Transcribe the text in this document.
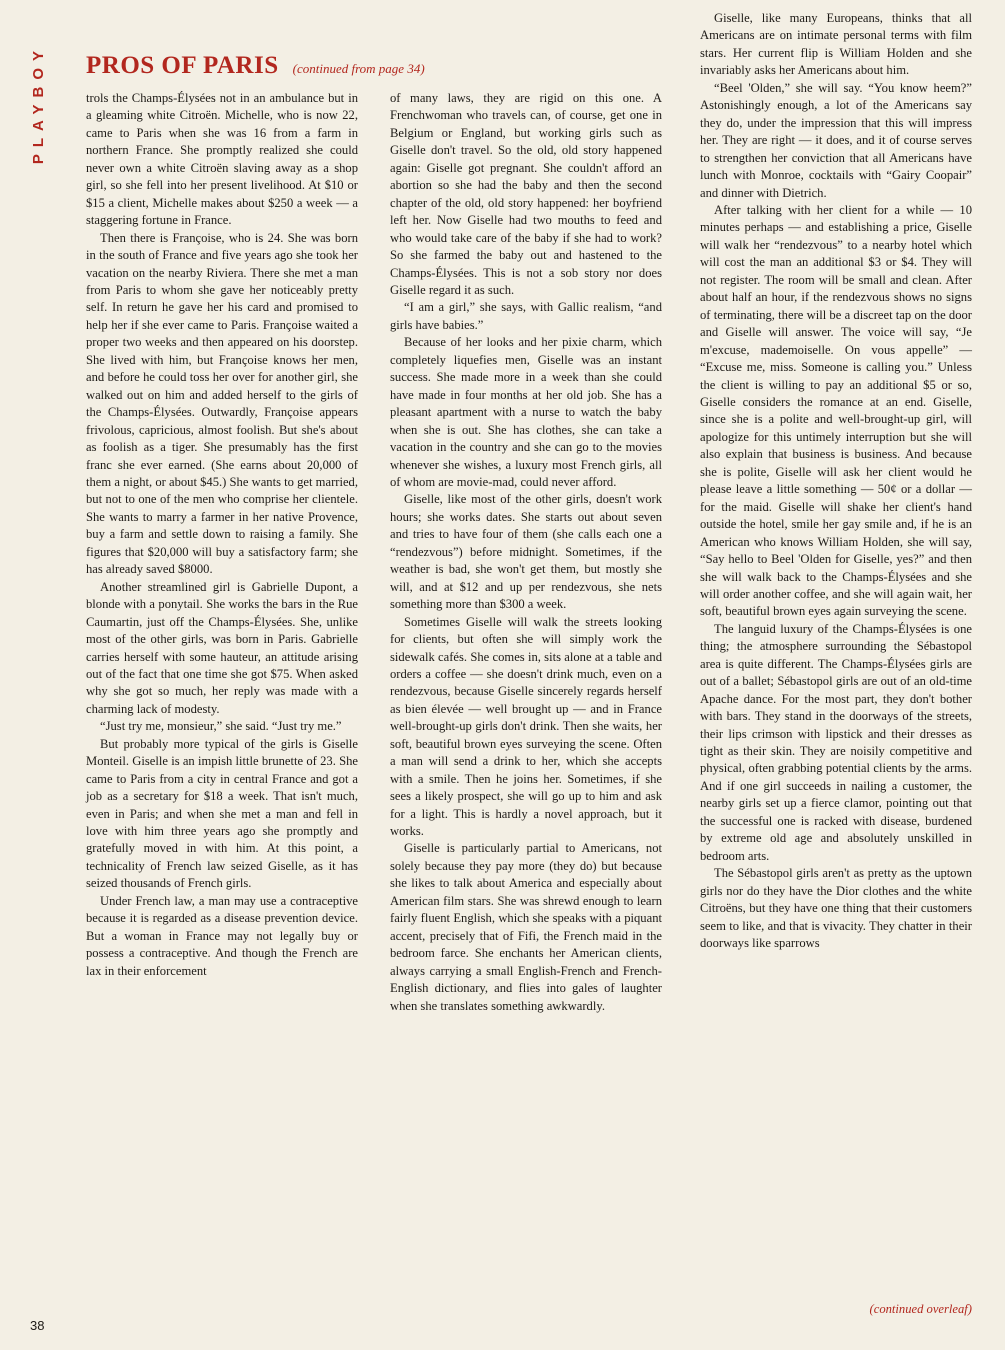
PLAYBOY PROS OF PARIS (continued from page 34)

trols the Champs-Élysées not in an ambulance but in a gleaming white Citroën. Michelle, who is now 22, came to Paris when she was 16 from a farm in northern France. She promptly realized she could never own a white Citroën slaving away as a shop girl, so she fell into her present livelihood. At $10 or $15 a client, Michelle makes about $250 a week — a staggering fortune in France.

Then there is Françoise, who is 24. She was born in the south of France and five years ago she took her vacation on the nearby Riviera. There she met a man from Paris to whom she gave her noticeably pretty self. In return he gave her his card and promised to help her if she ever came to Paris. Françoise waited a proper two weeks and then appeared on his doorstep. She lived with him, but Françoise knows her men, and before he could toss her over for another girl, she walked out on him and added herself to the girls of the Champs-Élysées. Outwardly, Françoise appears frivolous, capricious, almost foolish. But she's about as foolish as a tiger. She presumably has the first franc she ever earned. (She earns about 20,000 of them a night, or about $45.) She wants to get married, but not to one of the men who comprise her clientele. She wants to marry a farmer in her native Provence, buy a farm and settle down to raising a family. She figures that $20,000 will buy a satisfactory farm; she has already saved $8000.

Another streamlined girl is Gabrielle Dupont, a blonde with a ponytail. She works the bars in the Rue Caumartin, just off the Champs-Élysées. She, unlike most of the other girls, was born in Paris. Gabrielle carries herself with some hauteur, an attitude arising out of the fact that one time she got $75. When asked why she got so much, her reply was made with a charming lack of modesty.

“Just try me, monsieur,” she said. “Just try me.”

But probably more typical of the girls is Giselle Monteil. Giselle is an impish little brunette of 23. She came to Paris from a city in central France and got a job as a secretary for $18 a week. That isn't much, even in Paris; and when she met a man and fell in love with him three years ago she promptly and gratefully moved in with him. At this point, a technicality of French law seized Giselle, as it has seized thousands of French girls.

Under French law, a man may use a contraceptive because it is regarded as a disease prevention device. But a woman in France may not legally buy or possess a contraceptive. And though the French are lax in their enforcement

of many laws, they are rigid on this one. A Frenchwoman who travels can, of course, get one in Belgium or England, but working girls such as Giselle don't travel. So the old, old story happened again: Giselle got pregnant. She couldn't afford an abortion so she had the baby and then the second chapter of the old, old story happened: her boyfriend left her. Now Giselle had two mouths to feed and who would take care of the baby if she had to work? So she farmed the baby out and hastened to the Champs-Élysées. This is not a sob story nor does Giselle regard it as such.

“I am a girl,” she says, with Gallic realism, “and girls have babies.”

Because of her looks and her pixie charm, which completely liquefies men, Giselle was an instant success. She made more in a week than she could have made in four months at her old job. She has a pleasant apartment with a nurse to watch the baby when she is out. She has clothes, she can take a vacation in the country and she can go to the movies whenever she wishes, a luxury most French girls, all of whom are movie-mad, could never afford.

Giselle, like most of the other girls, doesn't work hours; she works dates. She starts out about seven and tries to have four of them (she calls each one a “rendezvous”) before midnight. Sometimes, if the weather is bad, she won't get them, but mostly she will, and at $12 and up per rendezvous, she nets something more than $300 a week.

Sometimes Giselle will walk the streets looking for clients, but often she will simply work the sidewalk cafés. She comes in, sits alone at a table and orders a coffee — she doesn't drink much, even on a rendezvous, because Giselle sincerely regards herself as bien élevée — well brought up — and in France well-brought-up girls don't drink. Then she waits, her soft, beautiful brown eyes surveying the scene. Often a man will send a drink to her, which she accepts with a smile. Then he joins her. Sometimes, if she sees a likely prospect, she will go up to him and ask for a light. This is hardly a novel approach, but it works.

Giselle is particularly partial to Americans, not solely because they pay more (they do) but because she likes to talk about America and especially about American film stars. She was shrewd enough to learn fairly fluent English, which she speaks with a piquant accent, precisely that of Fifi, the French maid in the bedroom farce. She enchants her American clients, always carrying a small English-French and French-English dictionary, and flies into gales of laughter when she translates something awkwardly.

Giselle, like many Europeans, thinks that all Americans are on intimate personal terms with film stars. Her current flip is William Holden and she invariably asks her Americans about him.

“Beel 'Olden,” she will say. “You know heem?” Astonishingly enough, a lot of the Americans say they do, under the impression that this will impress her. They are right — it does, and it of course serves to strengthen her conviction that all Americans have lunch with Monroe, cocktails with “Gairy Coopair” and dinner with Dietrich.

After talking with her client for a while — 10 minutes perhaps — and establishing a price, Giselle will walk her “rendezvous” to a nearby hotel which will cost the man an additional $3 or $4. They will not register. The room will be small and clean. After about half an hour, if the rendezvous shows no signs of terminating, there will be a discreet tap on the door and Giselle will answer. The voice will say, “Je m'excuse, mademoiselle. On vous appelle” — “Excuse me, miss. Someone is calling you.” Unless the client is willing to pay an additional $5 or so, Giselle considers the romance at an end. Giselle, since she is a polite and well-brought-up girl, will apologize for this untimely interruption but she will also explain that business is business. And because she is polite, Giselle will ask her client would he please leave a little something — 50¢ or a dollar — for the maid. Giselle will shake her client's hand outside the hotel, smile her gay smile and, if he is an American who knows William Holden, she will say, “Say hello to Beel 'Olden for Giselle, yes?” and then she will walk back to the Champs-Élysées and she will order another coffee, and she will again wait, her soft, beautiful brown eyes again surveying the scene.

The languid luxury of the Champs-Élysées is one thing; the atmosphere surrounding the Sébastopol area is quite different. The Champs-Élysées girls are out of a ballet; Sébastopol girls are out of an old-time Apache dance. For the most part, they don't bother with bars. They stand in the doorways of the streets, their lips crimson with lipstick and their dresses as tight as their skin. They are noisily competitive and physical, often grabbing potential clients by the arms. And if one girl succeeds in nailing a customer, the nearby girls set up a fierce clamor, pointing out that the successful one is racked with disease, burdened by extreme old age and absolutely unskilled in bedroom arts.

The Sébastopol girls aren't as pretty as the uptown girls nor do they have the Dior clothes and the white Citroëns, but they have one thing that their customers seem to like, and that is vivacity. They chatter in their doorways like sparrows

(continued overleaf)
38
